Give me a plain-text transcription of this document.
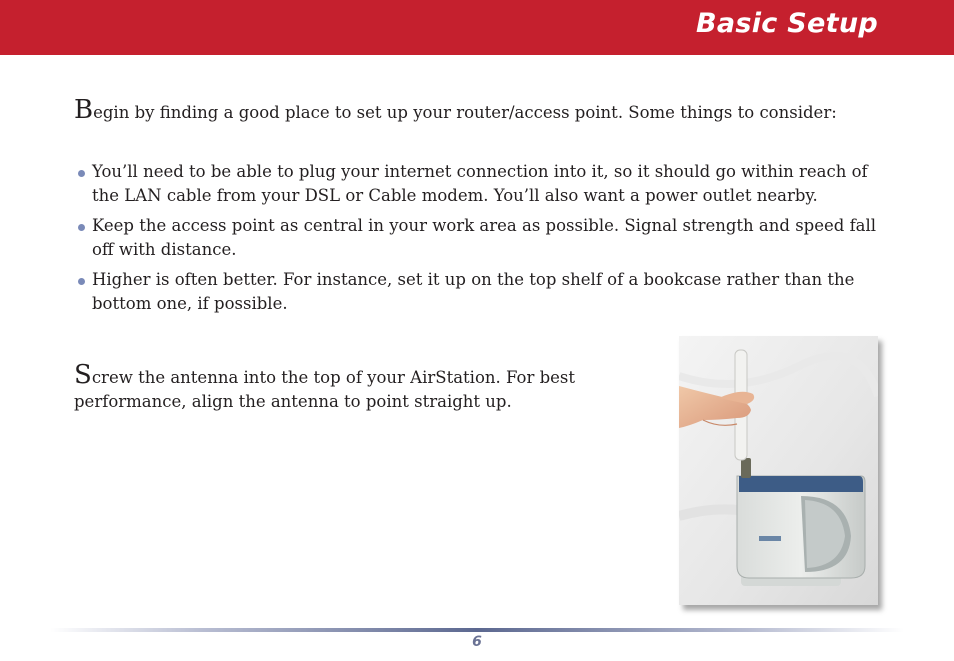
Basic Setup
Begin by finding a good place to set up your router/access point. Some things to consider:
You’ll need to be able to plug your internet connection into it, so it should go within reach of the LAN cable from your DSL or Cable modem. You’ll also want a power outlet nearby.
Keep the access point as central in your work area as possible. Signal strength and speed fall off with distance.
Higher is often better. For instance, set it up on the top shelf of a bookcase rather than the bottom one, if possible.
Screw the antenna into the top of your AirStation. For best performance, align the antenna to point straight up.
6
